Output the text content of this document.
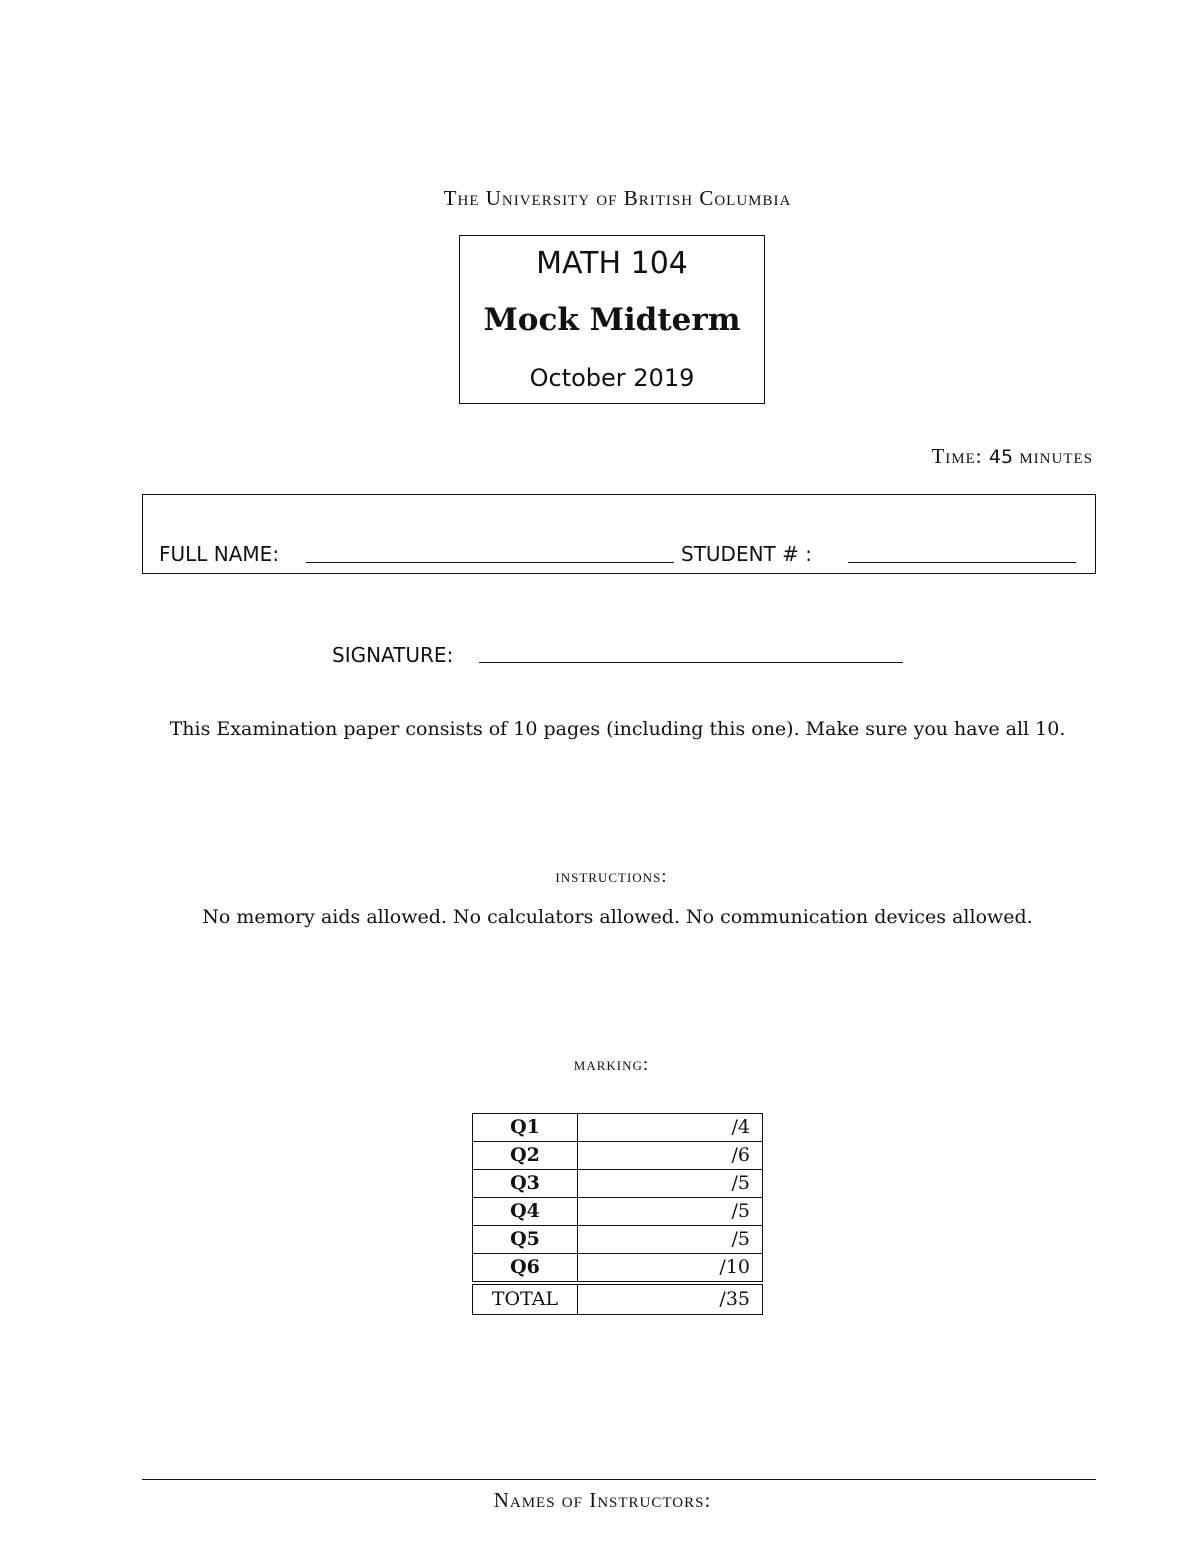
The University of British Columbia
MATH 104
Mock Midterm
October 2019
Time: 45 minutes
FULL NAME:	STUDENT # :
SIGNATURE:
This Examination paper consists of 10 pages (including this one). Make sure you have all 10.
instructions:
No memory aids allowed. No calculators allowed. No communication devices allowed.
marking:
Q1	/4
Q2	/6
Q3	/5
Q4	/5
Q5	/5
Q6	/10
TOTAL	/35
Names of Instructors:
